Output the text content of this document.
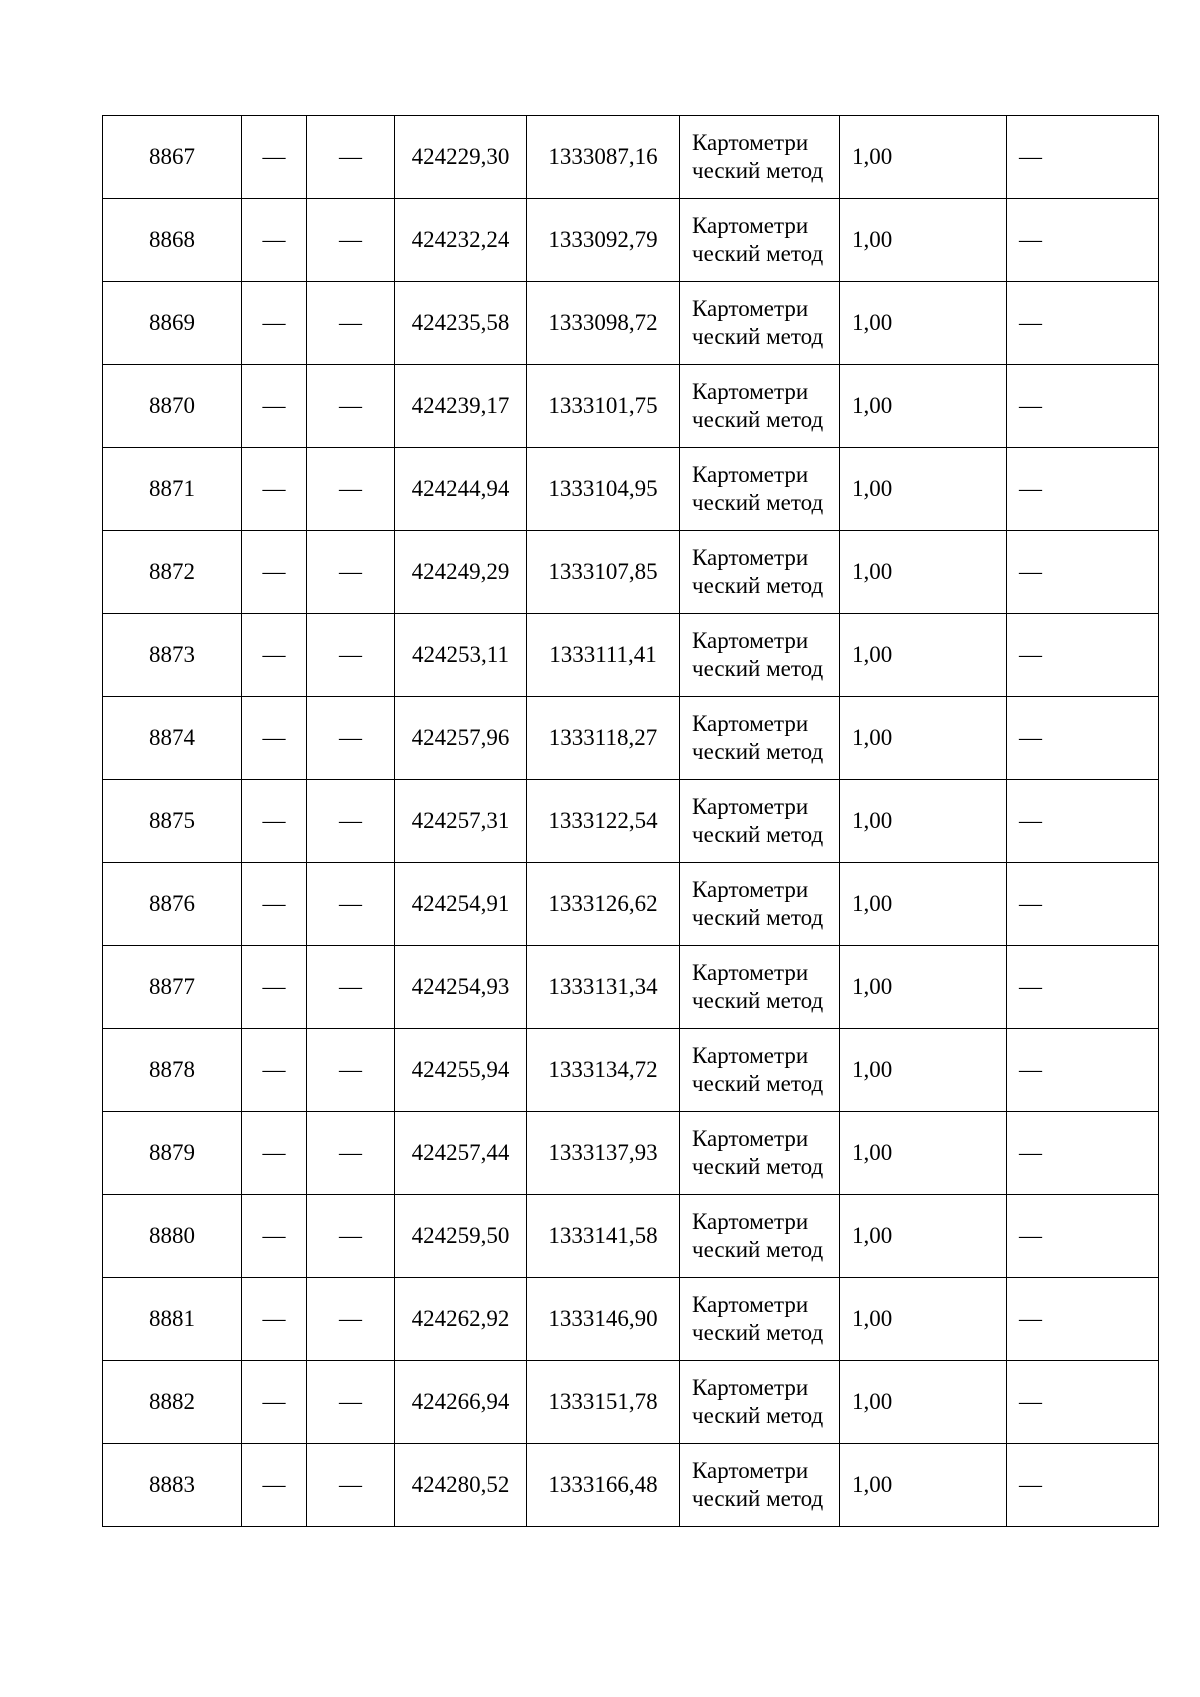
8867	—	—	424229,30	1333087,16	Картометри ческий метод	1,00	—
8868	—	—	424232,24	1333092,79	Картометри ческий метод	1,00	—
8869	—	—	424235,58	1333098,72	Картометри ческий метод	1,00	—
8870	—	—	424239,17	1333101,75	Картометри ческий метод	1,00	—
8871	—	—	424244,94	1333104,95	Картометри ческий метод	1,00	—
8872	—	—	424249,29	1333107,85	Картометри ческий метод	1,00	—
8873	—	—	424253,11	1333111,41	Картометри ческий метод	1,00	—
8874	—	—	424257,96	1333118,27	Картометри ческий метод	1,00	—
8875	—	—	424257,31	1333122,54	Картометри ческий метод	1,00	—
8876	—	—	424254,91	1333126,62	Картометри ческий метод	1,00	—
8877	—	—	424254,93	1333131,34	Картометри ческий метод	1,00	—
8878	—	—	424255,94	1333134,72	Картометри ческий метод	1,00	—
8879	—	—	424257,44	1333137,93	Картометри ческий метод	1,00	—
8880	—	—	424259,50	1333141,58	Картометри ческий метод	1,00	—
8881	—	—	424262,92	1333146,90	Картометри ческий метод	1,00	—
8882	—	—	424266,94	1333151,78	Картометри ческий метод	1,00	—
8883	—	—	424280,52	1333166,48	Картометри ческий метод	1,00	—
